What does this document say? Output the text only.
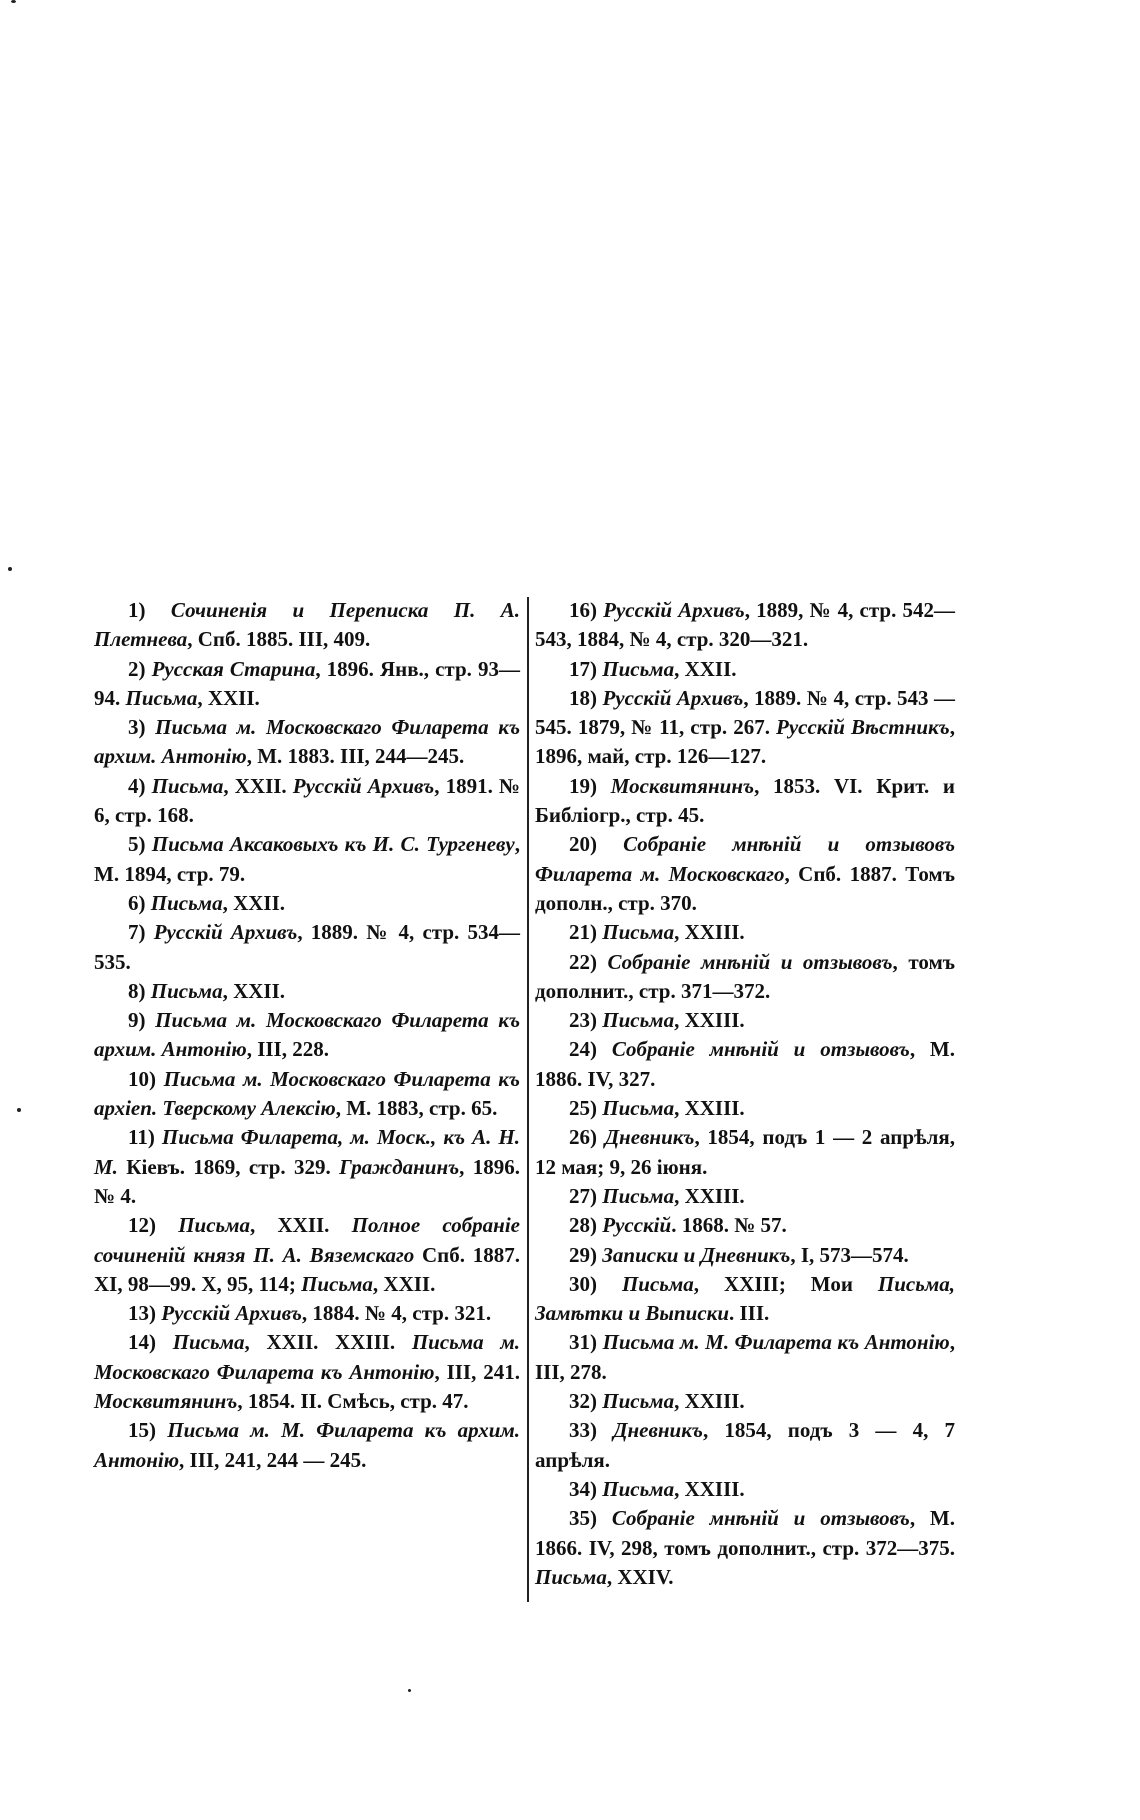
1) Сочиненія и Переписка П. А. Плетнева, Спб. 1885. III, 409.

2) Русская Старина, 1896. Янв., стр. 93—94. Письма, XXII.

3) Письма м. Московскаго Филарета къ архим. Антонію, М. 1883. III, 244—245.

4) Письма, XXII. Русскій Архивъ, 1891. № 6, стр. 168.

5) Письма Аксаковыхъ къ И. С. Тургеневу, М. 1894, стр. 79.

6) Письма, XXII.

7) Русскій Архивъ, 1889. № 4, стр. 534—535.

8) Письма, XXII.

9) Письма м. Московскаго Филарета къ архим. Антонію, III, 228.

10) Письма м. Московскаго Филарета къ архіеп. Тверскому Алексію, М. 1883, стр. 65.

11) Письма Филарета, м. Моск., къ А. Н. М. Кіевъ. 1869, стр. 329. Гражданинъ, 1896. № 4.

12) Письма, XXII. Полное собраніе сочиненій князя П. А. Вяземскаго Спб. 1887. XI, 98—99. X, 95, 114; Письма, XXII.

13) Русскій Архивъ, 1884. № 4, стр. 321.

14) Письма, XXII. XXIII. Письма м. Московскаго Филарета къ Антонію, III, 241. Москвитянинъ, 1854. II. Смѣсь, стр. 47.

15) Письма м. М. Филарета къ архим. Антонію, III, 241, 244 — 245.

16) Русскій Архивъ, 1889, № 4, стр. 542—543, 1884, № 4, стр. 320—321.

17) Письма, XXII.

18) Русскій Архивъ, 1889. № 4, стр. 543 — 545. 1879, № 11, стр. 267. Русскій Вѣстникъ, 1896, май, стр. 126—127.

19) Москвитянинъ, 1853. VI. Крит. и Библіогр., стр. 45.

20) Собраніе мнѣній и отзывовъ Филарета м. Московскаго, Спб. 1887. Томъ дополн., стр. 370.

21) Письма, XXIII.

22) Собраніе мнѣній и отзывовъ, томъ дополнит., стр. 371—372.

23) Письма, XXIII.

24) Собраніе мнѣній и отзывовъ, М. 1886. IV, 327.

25) Письма, XXIII.

26) Дневникъ, 1854, подъ 1 — 2 апрѣля, 12 мая; 9, 26 іюня.

27) Письма, XXIII.

28) Русскій. 1868. № 57.

29) Записки и Дневникъ, I, 573—574.

30) Письма, XXIII; Мои Письма, Замѣтки и Выписки. III.

31) Письма м. М. Филарета къ Антонію, III, 278.

32) Письма, XXIII.

33) Дневникъ, 1854, подъ 3 — 4, 7 апрѣля.

34) Письма, XXIII.

35) Собраніе мнѣній и отзывовъ, М. 1866. IV, 298, томъ дополнит., стр. 372—375. Письма, XXIV.
